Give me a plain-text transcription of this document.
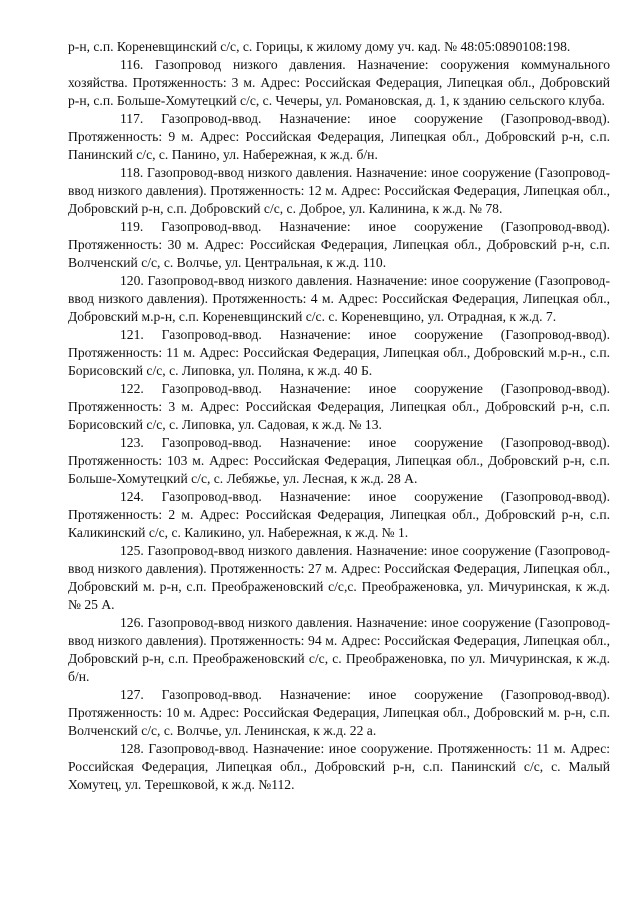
р-н, с.п. Кореневщинский с/с, с. Горицы, к жилому дому уч. кад. № 48:05:0890108:198.

116. Газопровод низкого давления. Назначение: сооружения коммунального хозяйства. Протяженность: 3 м. Адрес: Российская Федерация, Липецкая обл., Добровский р-н, с.п. Больше-Хомутецкий с/с, с. Чечеры, ул. Романовская, д. 1, к зданию сельского клуба.

117. Газопровод-ввод. Назначение: иное сооружение (Газопровод-ввод). Протяженность: 9 м. Адрес: Российская Федерация, Липецкая обл., Добровский р-н, с.п. Панинский с/с, с. Панино, ул. Набережная, к ж.д. б/н.

118. Газопровод-ввод низкого давления. Назначение: иное сооружение (Газопровод-ввод низкого давления). Протяженность: 12 м. Адрес: Российская Федерация, Липецкая обл., Добровский р-н, с.п. Добровский с/с, с. Доброе, ул. Калинина, к ж.д. № 78.

119. Газопровод-ввод. Назначение: иное сооружение (Газопровод-ввод). Протяженность: 30 м. Адрес: Российская Федерация, Липецкая обл., Добровский р-н, с.п. Волченский с/с, с. Волчье, ул. Центральная, к ж.д. 110.

120. Газопровод-ввод низкого давления. Назначение: иное сооружение (Газопровод-ввод низкого давления). Протяженность: 4 м. Адрес: Российская Федерация, Липецкая обл., Добровский м.р-н, с.п. Кореневщинский с/с. с. Кореневщино, ул. Отрадная, к ж.д. 7.

121. Газопровод-ввод. Назначение: иное сооружение (Газопровод-ввод). Протяженность: 11 м. Адрес: Российская Федерация, Липецкая обл., Добровский м.р-н., с.п. Борисовский с/с, с. Липовка, ул. Поляна, к ж.д. 40 Б.

122. Газопровод-ввод. Назначение: иное сооружение (Газопровод-ввод). Протяженность: 3 м. Адрес: Российская Федерация, Липецкая обл., Добровский р-н, с.п. Борисовский с/с, с. Липовка, ул. Садовая, к ж.д. № 13.

123. Газопровод-ввод. Назначение: иное сооружение (Газопровод-ввод). Протяженность: 103 м. Адрес: Российская Федерация, Липецкая обл., Добровский р-н, с.п. Больше-Хомутецкий с/с, с. Лебяжье, ул. Лесная, к ж.д. 28 А.

124. Газопровод-ввод. Назначение: иное сооружение (Газопровод-ввод). Протяженность: 2 м. Адрес: Российская Федерация, Липецкая обл., Добровский р-н, с.п. Каликинский с/с, с. Каликино, ул. Набережная, к ж.д. № 1.

125. Газопровод-ввод низкого давления. Назначение: иное сооружение (Газопровод-ввод низкого давления). Протяженность: 27 м. Адрес: Российская Федерация, Липецкая обл., Добровский м. р-н, с.п. Преображеновский с/с,с. Преображеновка, ул. Мичуринская, к ж.д. № 25 А.

126. Газопровод-ввод низкого давления. Назначение: иное сооружение (Газопровод-ввод низкого давления). Протяженность: 94 м. Адрес: Российская Федерация, Липецкая обл., Добровский р-н, с.п. Преображеновский с/с, с. Преображеновка, по ул. Мичуринская, к ж.д. б/н.

127. Газопровод-ввод. Назначение: иное сооружение (Газопровод-ввод). Протяженность: 10 м. Адрес: Российская Федерация, Липецкая обл., Добровский м. р-н, с.п. Волченский с/с, с. Волчье, ул. Ленинская, к ж.д. 22 а.

128. Газопровод-ввод. Назначение: иное сооружение. Протяженность: 11 м. Адрес: Российская Федерация, Липецкая обл., Добровский р-н, с.п. Панинский с/с, с. Малый Хомутец, ул. Терешковой, к ж.д. №112.
